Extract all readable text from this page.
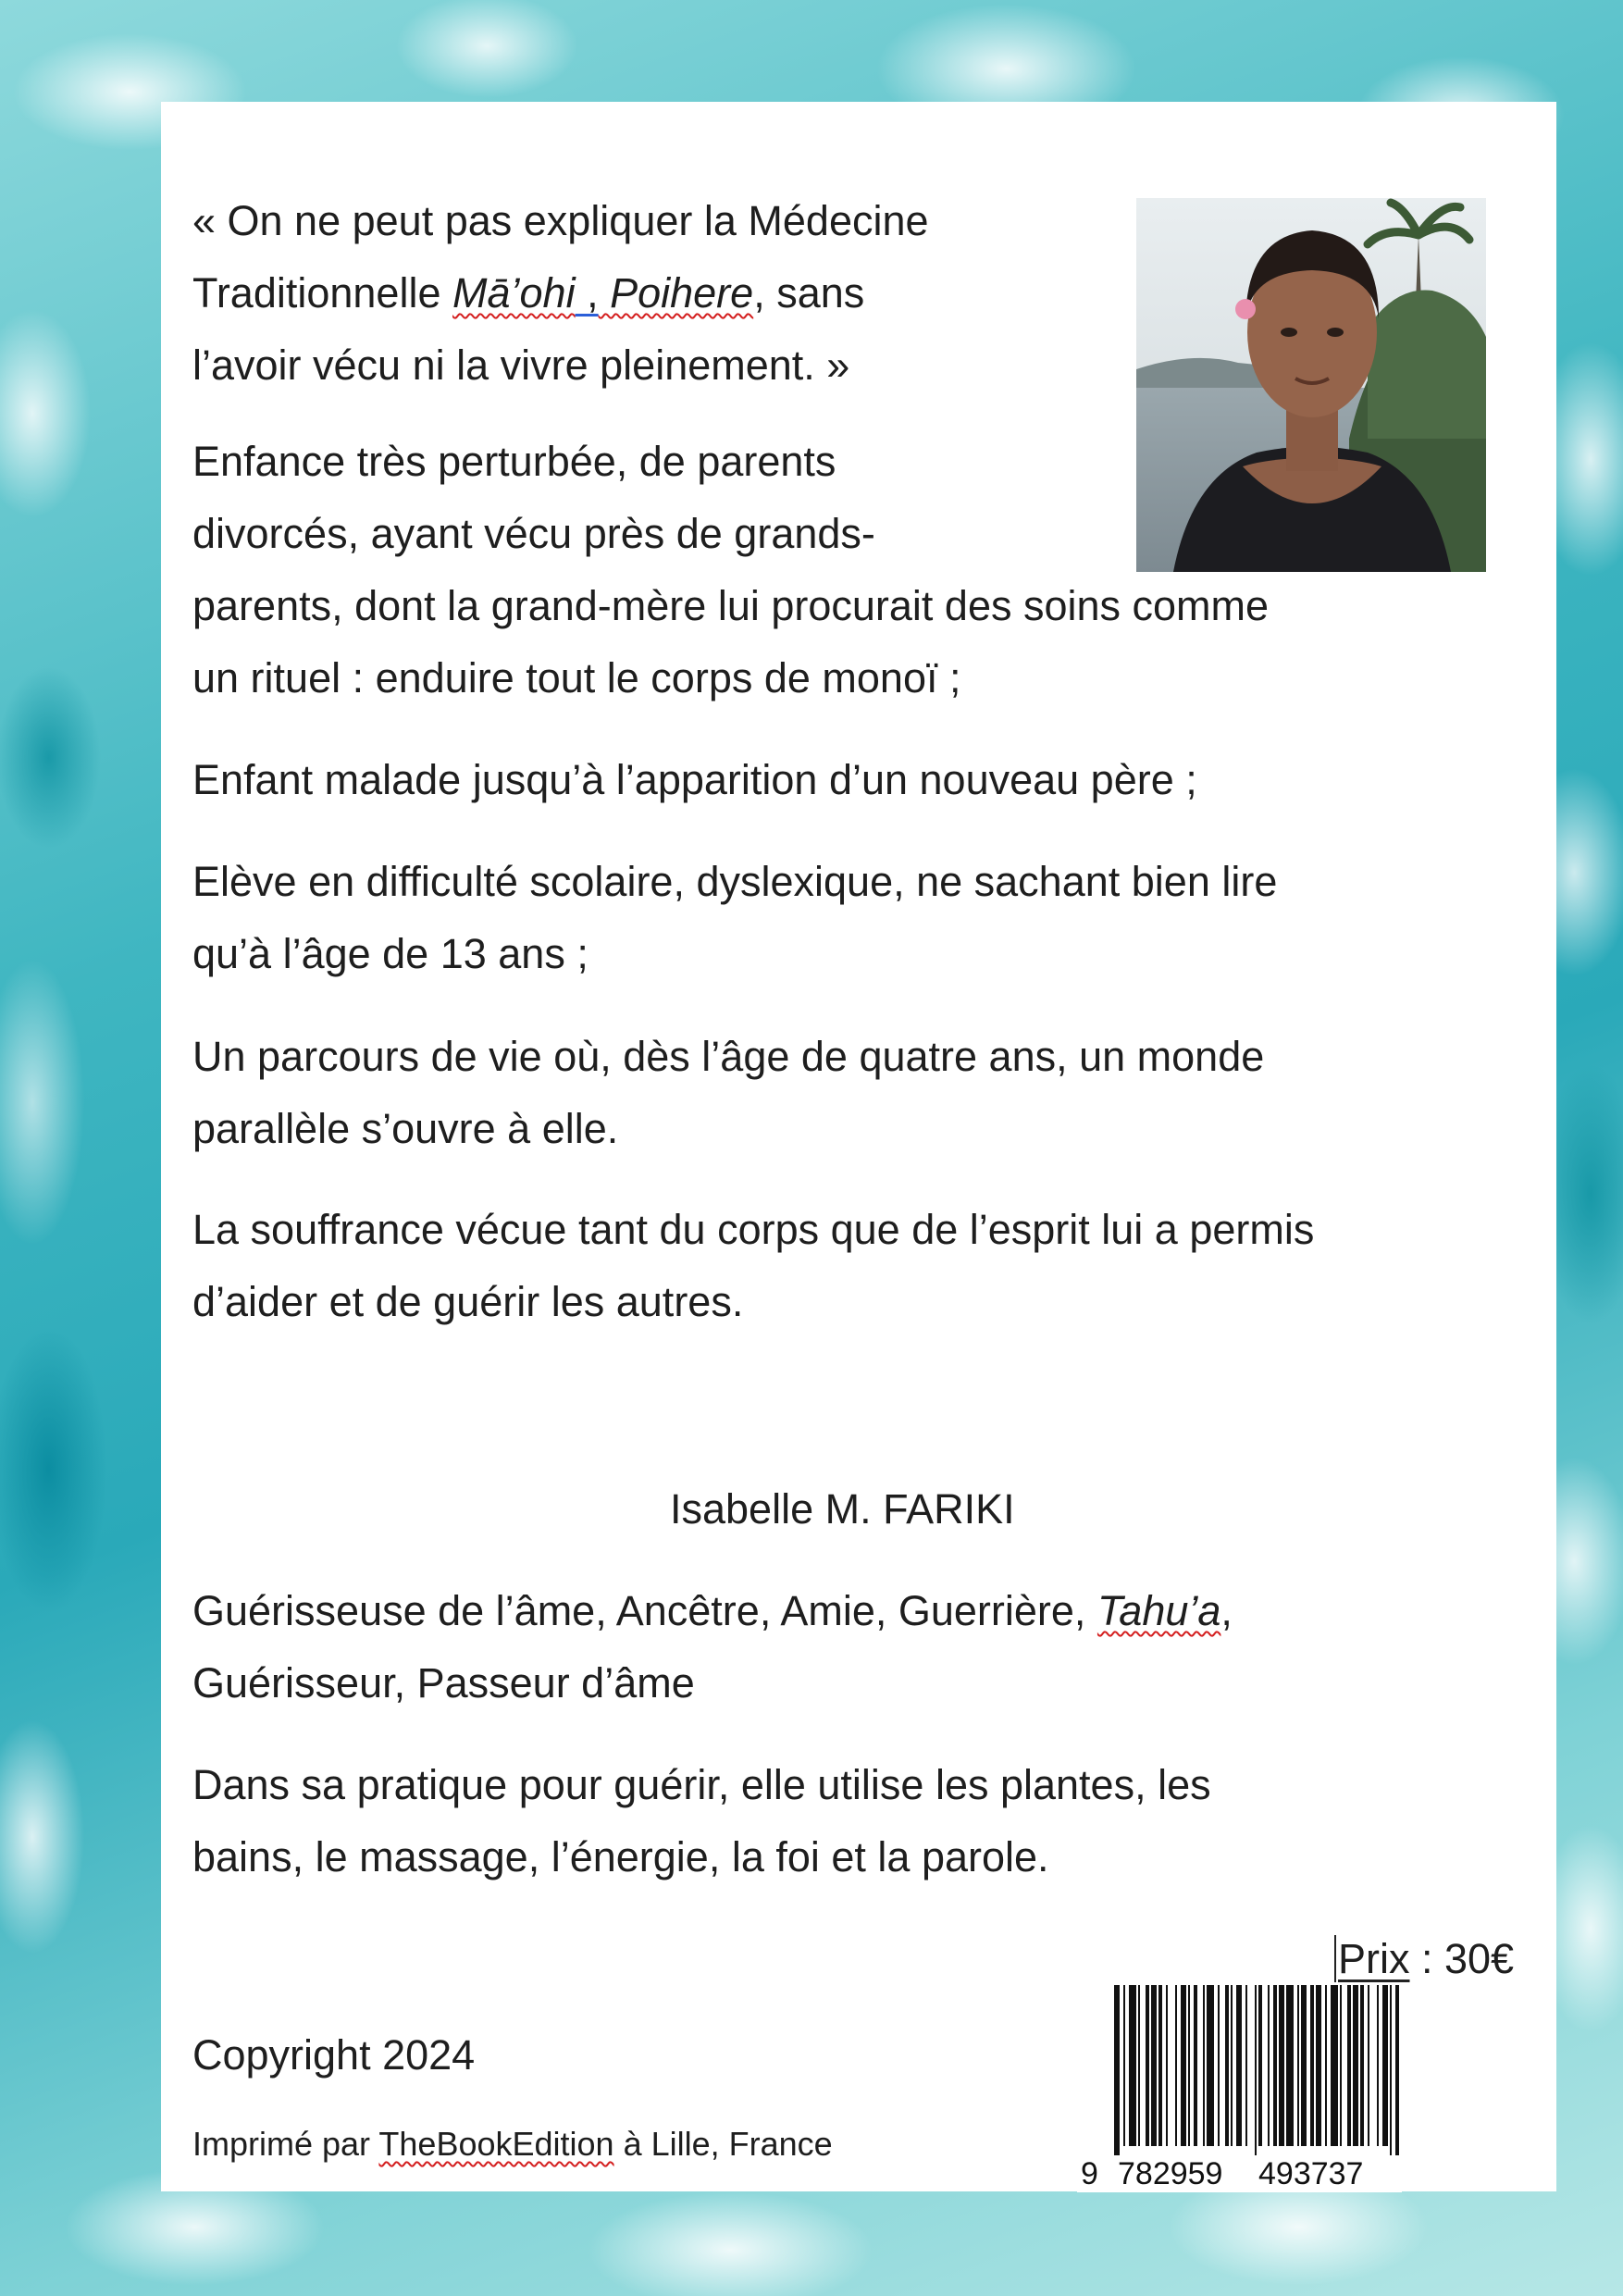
« On ne peut pas expliquer la Médecine

Traditionnelle Mā’ohi , Poihere, sans

l’avoir vécu ni la vivre pleinement. »

Enfance très perturbée, de parents

divorcés, ayant vécu près de grands-

parents, dont la grand-mère lui procurait des soins comme

un rituel : enduire tout le corps de monoï ;

Enfant malade jusqu’à l’apparition d’un nouveau père ;

Elève en difficulté scolaire, dyslexique, ne sachant bien lire

qu’à l’âge de 13 ans ;

Un parcours de vie où, dès l’âge de quatre ans, un monde

parallèle s’ouvre à elle.

La souffrance vécue tant du corps que de l’esprit lui a permis

d’aider et de guérir les autres.

Isabelle M. FARIKI

Guérisseuse de l’âme, Ancêtre, Amie, Guerrière, Tahu’a,

Guérisseur, Passeur d’âme

Dans sa pratique pour guérir, elle utilise les plantes, les

bains, le massage, l’énergie, la foi et la parole.

Prix : 30€

Copyright 2024

Imprimé par TheBookEdition à Lille, France

9 782959 493737
